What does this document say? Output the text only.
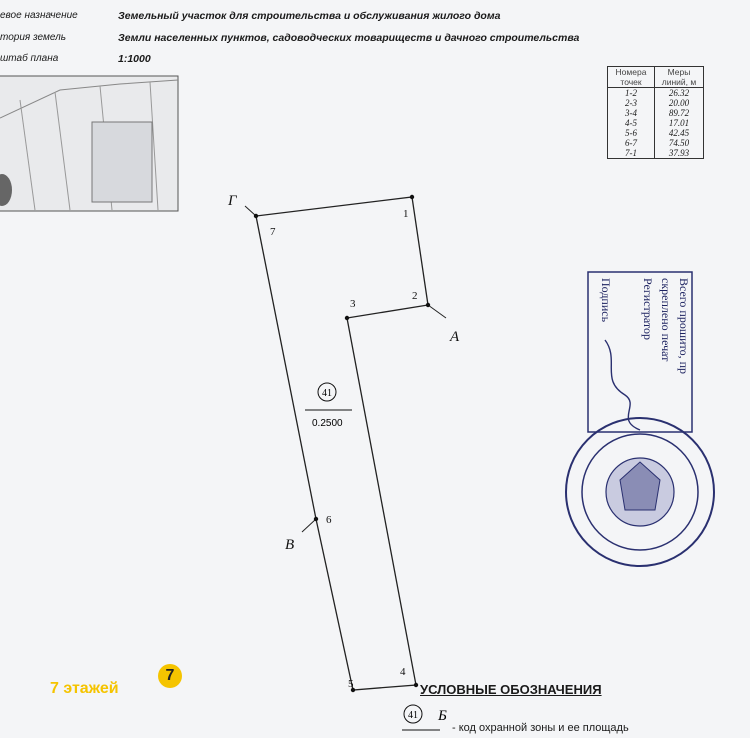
евое назначение	Земельный участок для строительства и обслуживания жилого дома
тория земель	Земли населенных пунктов, садоводческих товариществ и дачного строительства
штаб плана	1:1000
Номера точек	Меры линий, м
1-2	26.32
2-3	20.00
3-4	89.72
4-5	17.01
5-6	42.45
6-7	74.50
7-1	37.93
1
2
3
4
5
6
7
Г
А
В
41
0.2500
Всего прошито, пр
скреплено печат
Регистратор
Подпись
41 Б
УСЛОВНЫЕ ОБОЗНАЧЕНИЯ
- код охранной зоны и ее площадь
7 этажей
7
